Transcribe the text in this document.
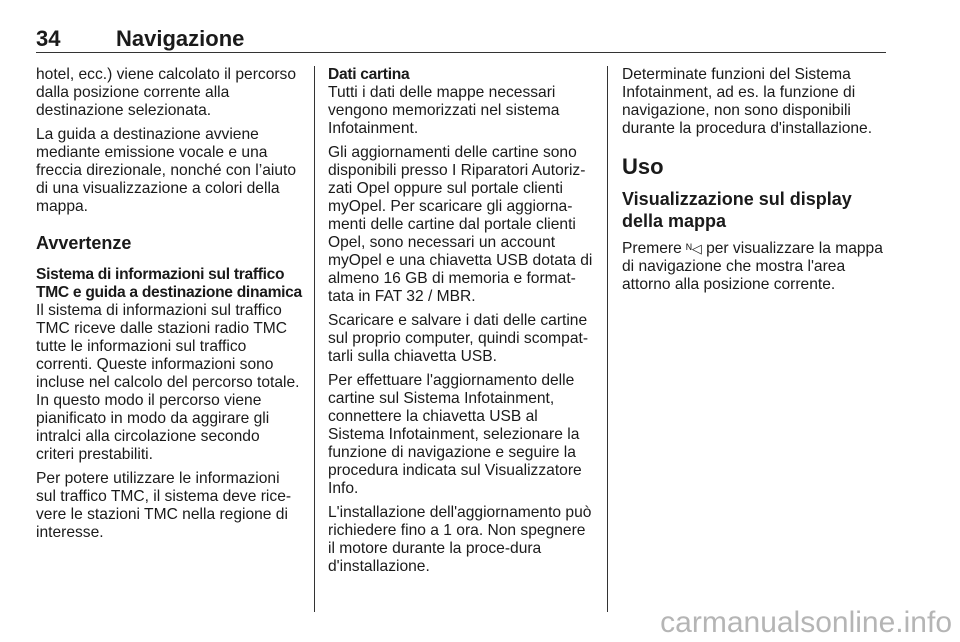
34	Navigazione

hotel, ecc.) viene calcolato il percorso dalla posizione corrente alla destinazione selezionata.

La guida a destinazione avviene mediante emissione vocale e una freccia direzionale, nonché con l’aiuto di una visualizzazione a colori della mappa.

Avvertenze
Sistema di informazioni sul traffico TMC e guida a destinazione dinamica

Il sistema di informazioni sul traffico TMC riceve dalle stazioni radio TMC tutte le informazioni sul traffico correnti. Queste informazioni sono incluse nel calcolo del percorso totale. In questo modo il percorso viene pianificato in modo da aggirare gli intralci alla circolazione secondo criteri prestabiliti.

Per potere utilizzare le informazioni sul traffico TMC, il sistema deve rice-vere le stazioni TMC nella regione di interesse.

Dati cartina

Tutti i dati delle mappe necessari vengono memorizzati nel sistema Infotainment.

Gli aggiornamenti delle cartine sono disponibili presso I Riparatori Autoriz-zati Opel oppure sul portale clienti myOpel. Per scaricare gli aggiorna-menti delle cartine dal portale clienti Opel, sono necessari un account myOpel e una chiavetta USB dotata di almeno 16 GB di memoria e format-tata in FAT 32 / MBR.

Scaricare e salvare i dati delle cartine sul proprio computer, quindi scompat-tarli sulla chiavetta USB.

Per effettuare l'aggiornamento delle cartine sul Sistema Infotainment, connettere la chiavetta USB al Sistema Infotainment, selezionare la funzione di navigazione e seguire la procedura indicata sul Visualizzatore Info.

L'installazione dell'aggiornamento può richiedere fino a 1 ora. Non spegnere il motore durante la proce-dura d'installazione.

Determinate funzioni del Sistema Infotainment, ad es. la funzione di navigazione, non sono disponibili durante la procedura d'installazione.

Uso
Visualizzazione sul display della mappa

Premere ᴺ◁ per visualizzare la mappa di navigazione che mostra l'area attorno alla posizione corrente.

carmanualsonline.info
